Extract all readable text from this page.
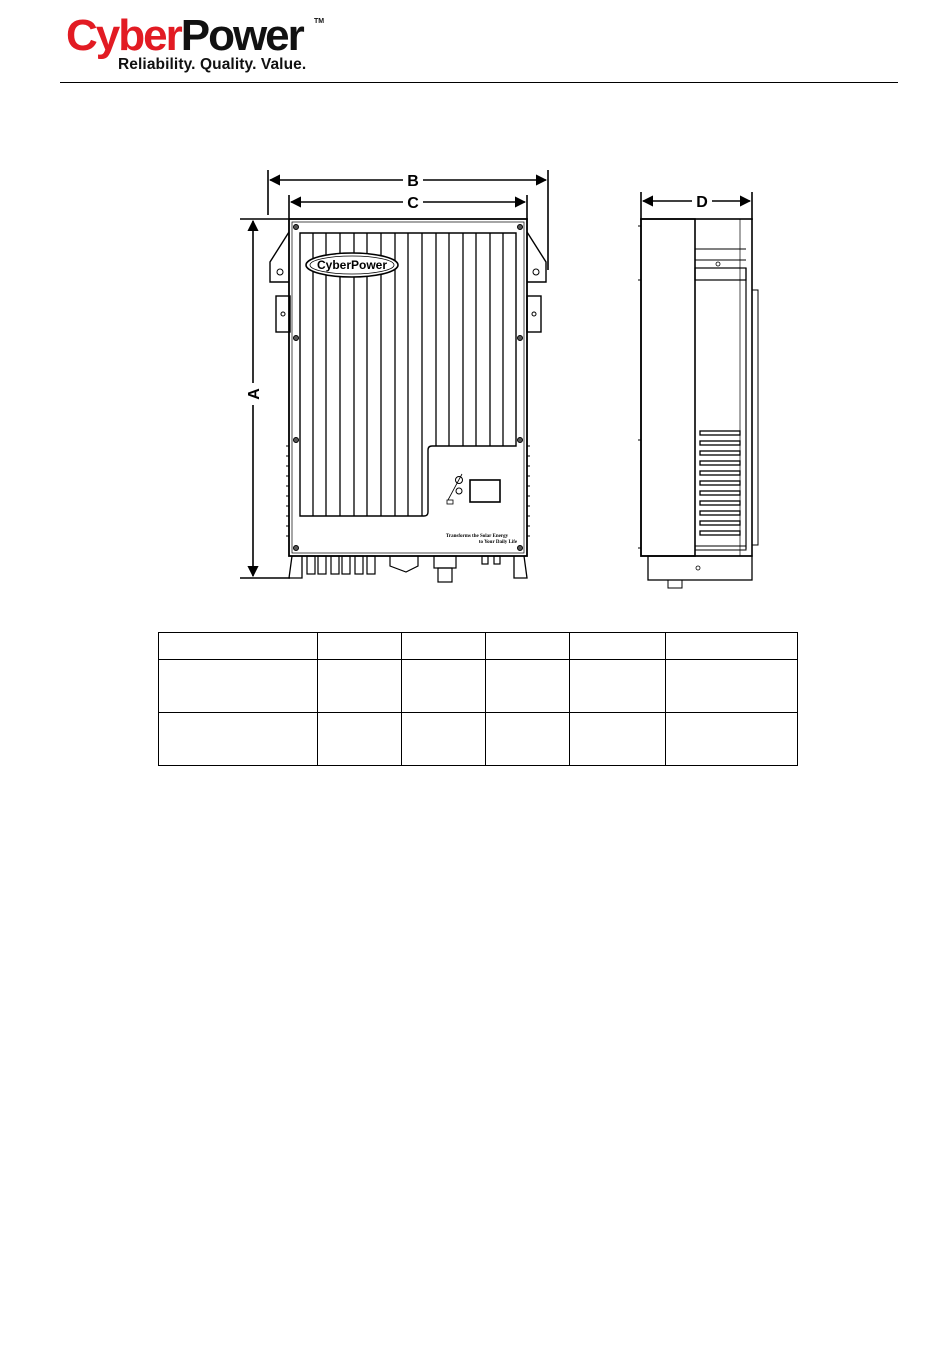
CyberPower TM
Reliability. Quality. Value.
B
C
A
D
CyberPower
Transforms the Solar Energy
to Your Daily Life
